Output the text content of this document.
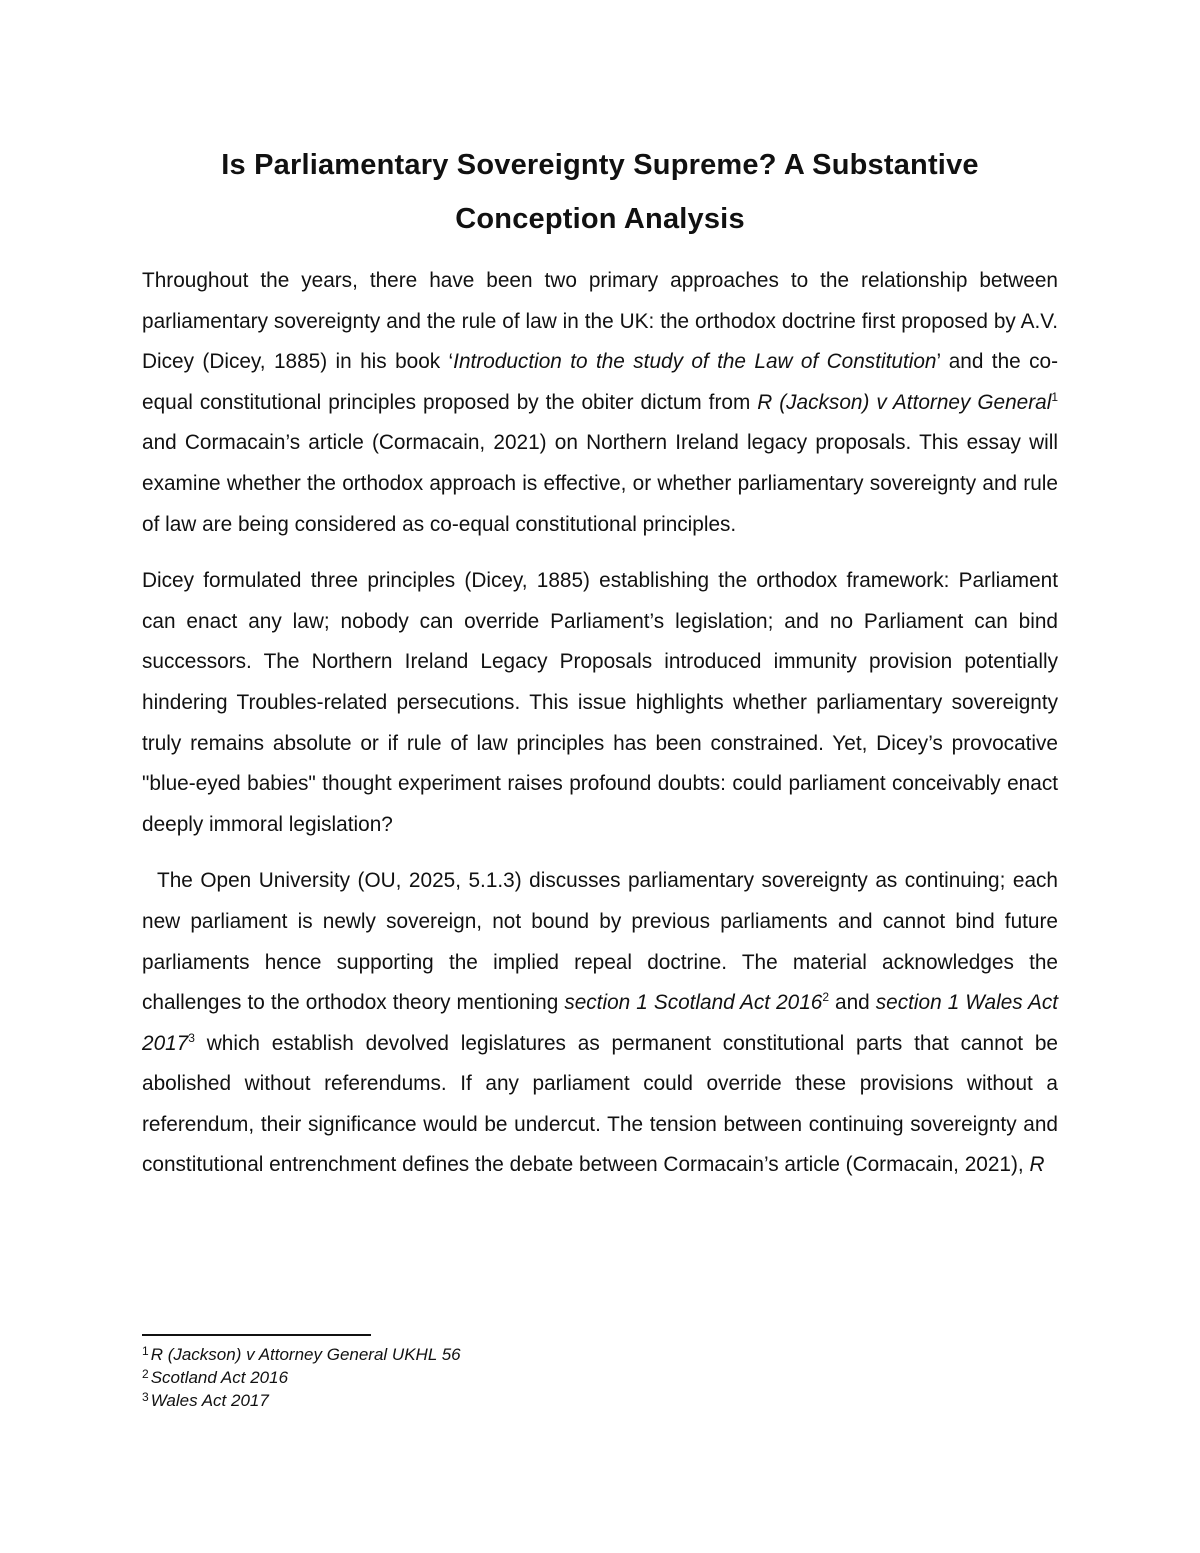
Is Parliamentary Sovereignty Supreme? A Substantive
Conception Analysis

Throughout the years, there have been two primary approaches to the relationship between parliamentary sovereignty and the rule of law in the UK: the orthodox doctrine first proposed by A.V. Dicey (Dicey, 1885) in his book ‘Introduction to the study of the Law of Constitution’ and the co-equal constitutional principles proposed by the obiter dictum from R (Jackson) v Attorney General$^1$ and Cormacain’s article (Cormacain, 2021) on Northern Ireland legacy proposals. This essay will examine whether the orthodox approach is effective, or whether parliamentary sovereignty and rule of law are being considered as co-equal constitutional principles.

Dicey formulated three principles (Dicey, 1885) establishing the orthodox framework: Parliament can enact any law; nobody can override Parliament’s legislation; and no Parliament can bind successors. The Northern Ireland Legacy Proposals introduced immunity provision potentially hindering Troubles-related persecutions. This issue highlights whether parliamentary sovereignty truly remains absolute or if rule of law principles has been constrained. Yet, Dicey’s provocative "blue-eyed babies" thought experiment raises profound doubts: could parliament conceivably enact deeply immoral legislation?

The Open University (OU, 2025, 5.1.3) discusses parliamentary sovereignty as continuing; each new parliament is newly sovereign, not bound by previous parliaments and cannot bind future parliaments hence supporting the implied repeal doctrine. The material acknowledges the challenges to the orthodox theory mentioning section 1 Scotland Act 2016$^2$ and section 1 Wales Act 2017$^3$ which establish devolved legislatures as permanent constitutional parts that cannot be abolished without referendums. If any parliament could override these provisions without a referendum, their significance would be undercut. The tension between continuing sovereignty and constitutional entrenchment defines the debate between Cormacain’s article (Cormacain, 2021), R

$^1$ R (Jackson) v Attorney General UKHL 56
$^2$ Scotland Act 2016
$^3$ Wales Act 2017
